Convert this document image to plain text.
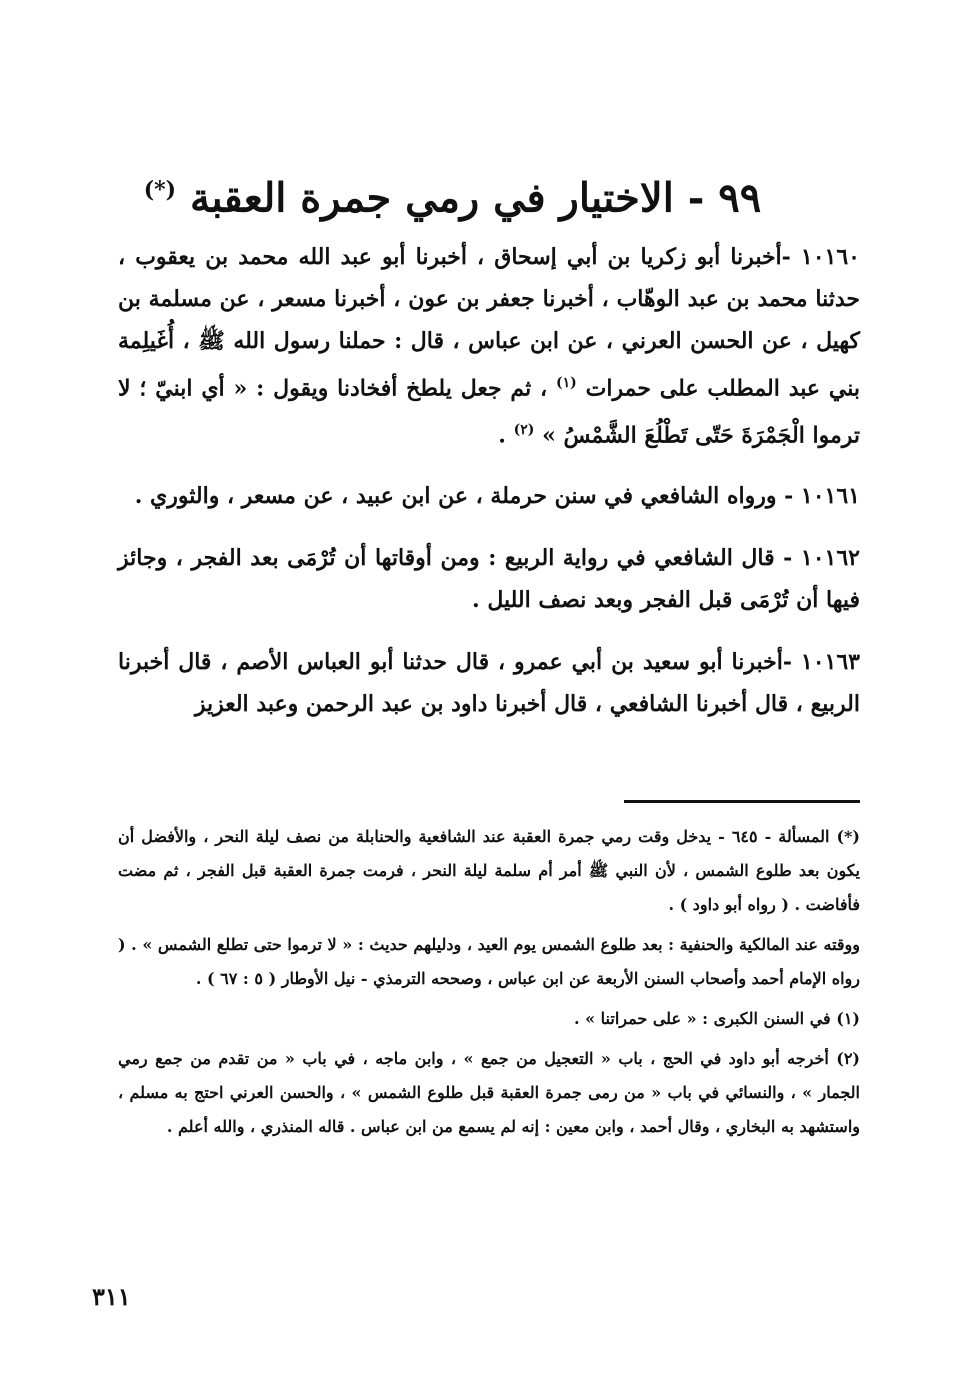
٩٩ - الاختيار في رمي جمرة العقبة (*)

١٠١٦٠ -أخبرنا أبو زكريا بن أبي إسحاق ، أخبرنا أبو عبد الله محمد بن يعقوب ، حدثنا محمد بن عبد الوهّاب ، أخبرنا جعفر بن عون ، أخبرنا مسعر ، عن مسلمة بن كهيل ، عن الحسن العرني ، عن ابن عباس ، قال : حملنا رسول الله ﷺ ، أُغَيلِمة بني عبد المطلب على حمرات $^{(١)}$ ، ثم جعل يلطخ أفخادنا ويقول : « أي ابنيّ ؛ لا ترموا الْجَمْرَةَ حَتّى تَطْلُعَ الشَّمْسُ » $^{(٢)}$ .

١٠١٦١ - ورواه الشافعي في سنن حرملة ، عن ابن عبيد ، عن مسعر ، والثوري .

١٠١٦٢ - قال الشافعي في رواية الربيع : ومن أوقاتها أن تُرْمَى بعد الفجر ، وجائز فيها أن تُرْمَى قبل الفجر وبعد نصف الليل .

١٠١٦٣ -أخبرنا أبو سعيد بن أبي عمرو ، قال حدثنا أبو العباس الأصم ، قال أخبرنا الربيع ، قال أخبرنا الشافعي ، قال أخبرنا داود بن عبد الرحمن وعبد العزيز

(*) المسألة - ٦٤٥ - يدخل وقت رمي جمرة العقبة عند الشافعية والحنابلة من نصف ليلة النحر ، والأفضل أن يكون بعد طلوع الشمس ، لأن النبي ﷺ أمر أم سلمة ليلة النحر ، فرمت جمرة العقبة قبل الفجر ، ثم مضت فأفاضت . ( رواه أبو داود ) .

ووقته عند المالكية والحنفية : بعد طلوع الشمس يوم العيد ، ودليلهم حديث : « لا ترموا حتى تطلع الشمس » . ( رواه الإمام أحمد وأصحاب السنن الأربعة عن ابن عباس ، وصححه الترمذي - نيل الأوطار ( ٥ : ٦٧ ) .

(١) في السنن الكبرى : « على حمراتنا » .

(٢) أخرجه أبو داود في الحج ، باب « التعجيل من جمع » ، وابن ماجه ، في باب « من تقدم من جمع رمي الجمار » ، والنسائي في باب « من رمى جمرة العقبة قبل طلوع الشمس » ، والحسن العرني احتج به مسلم ، واستشهد به البخاري ، وقال أحمد ، وابن معين : إنه لم يسمع من ابن عباس . قاله المنذري ، والله أعلم .

٣١١
